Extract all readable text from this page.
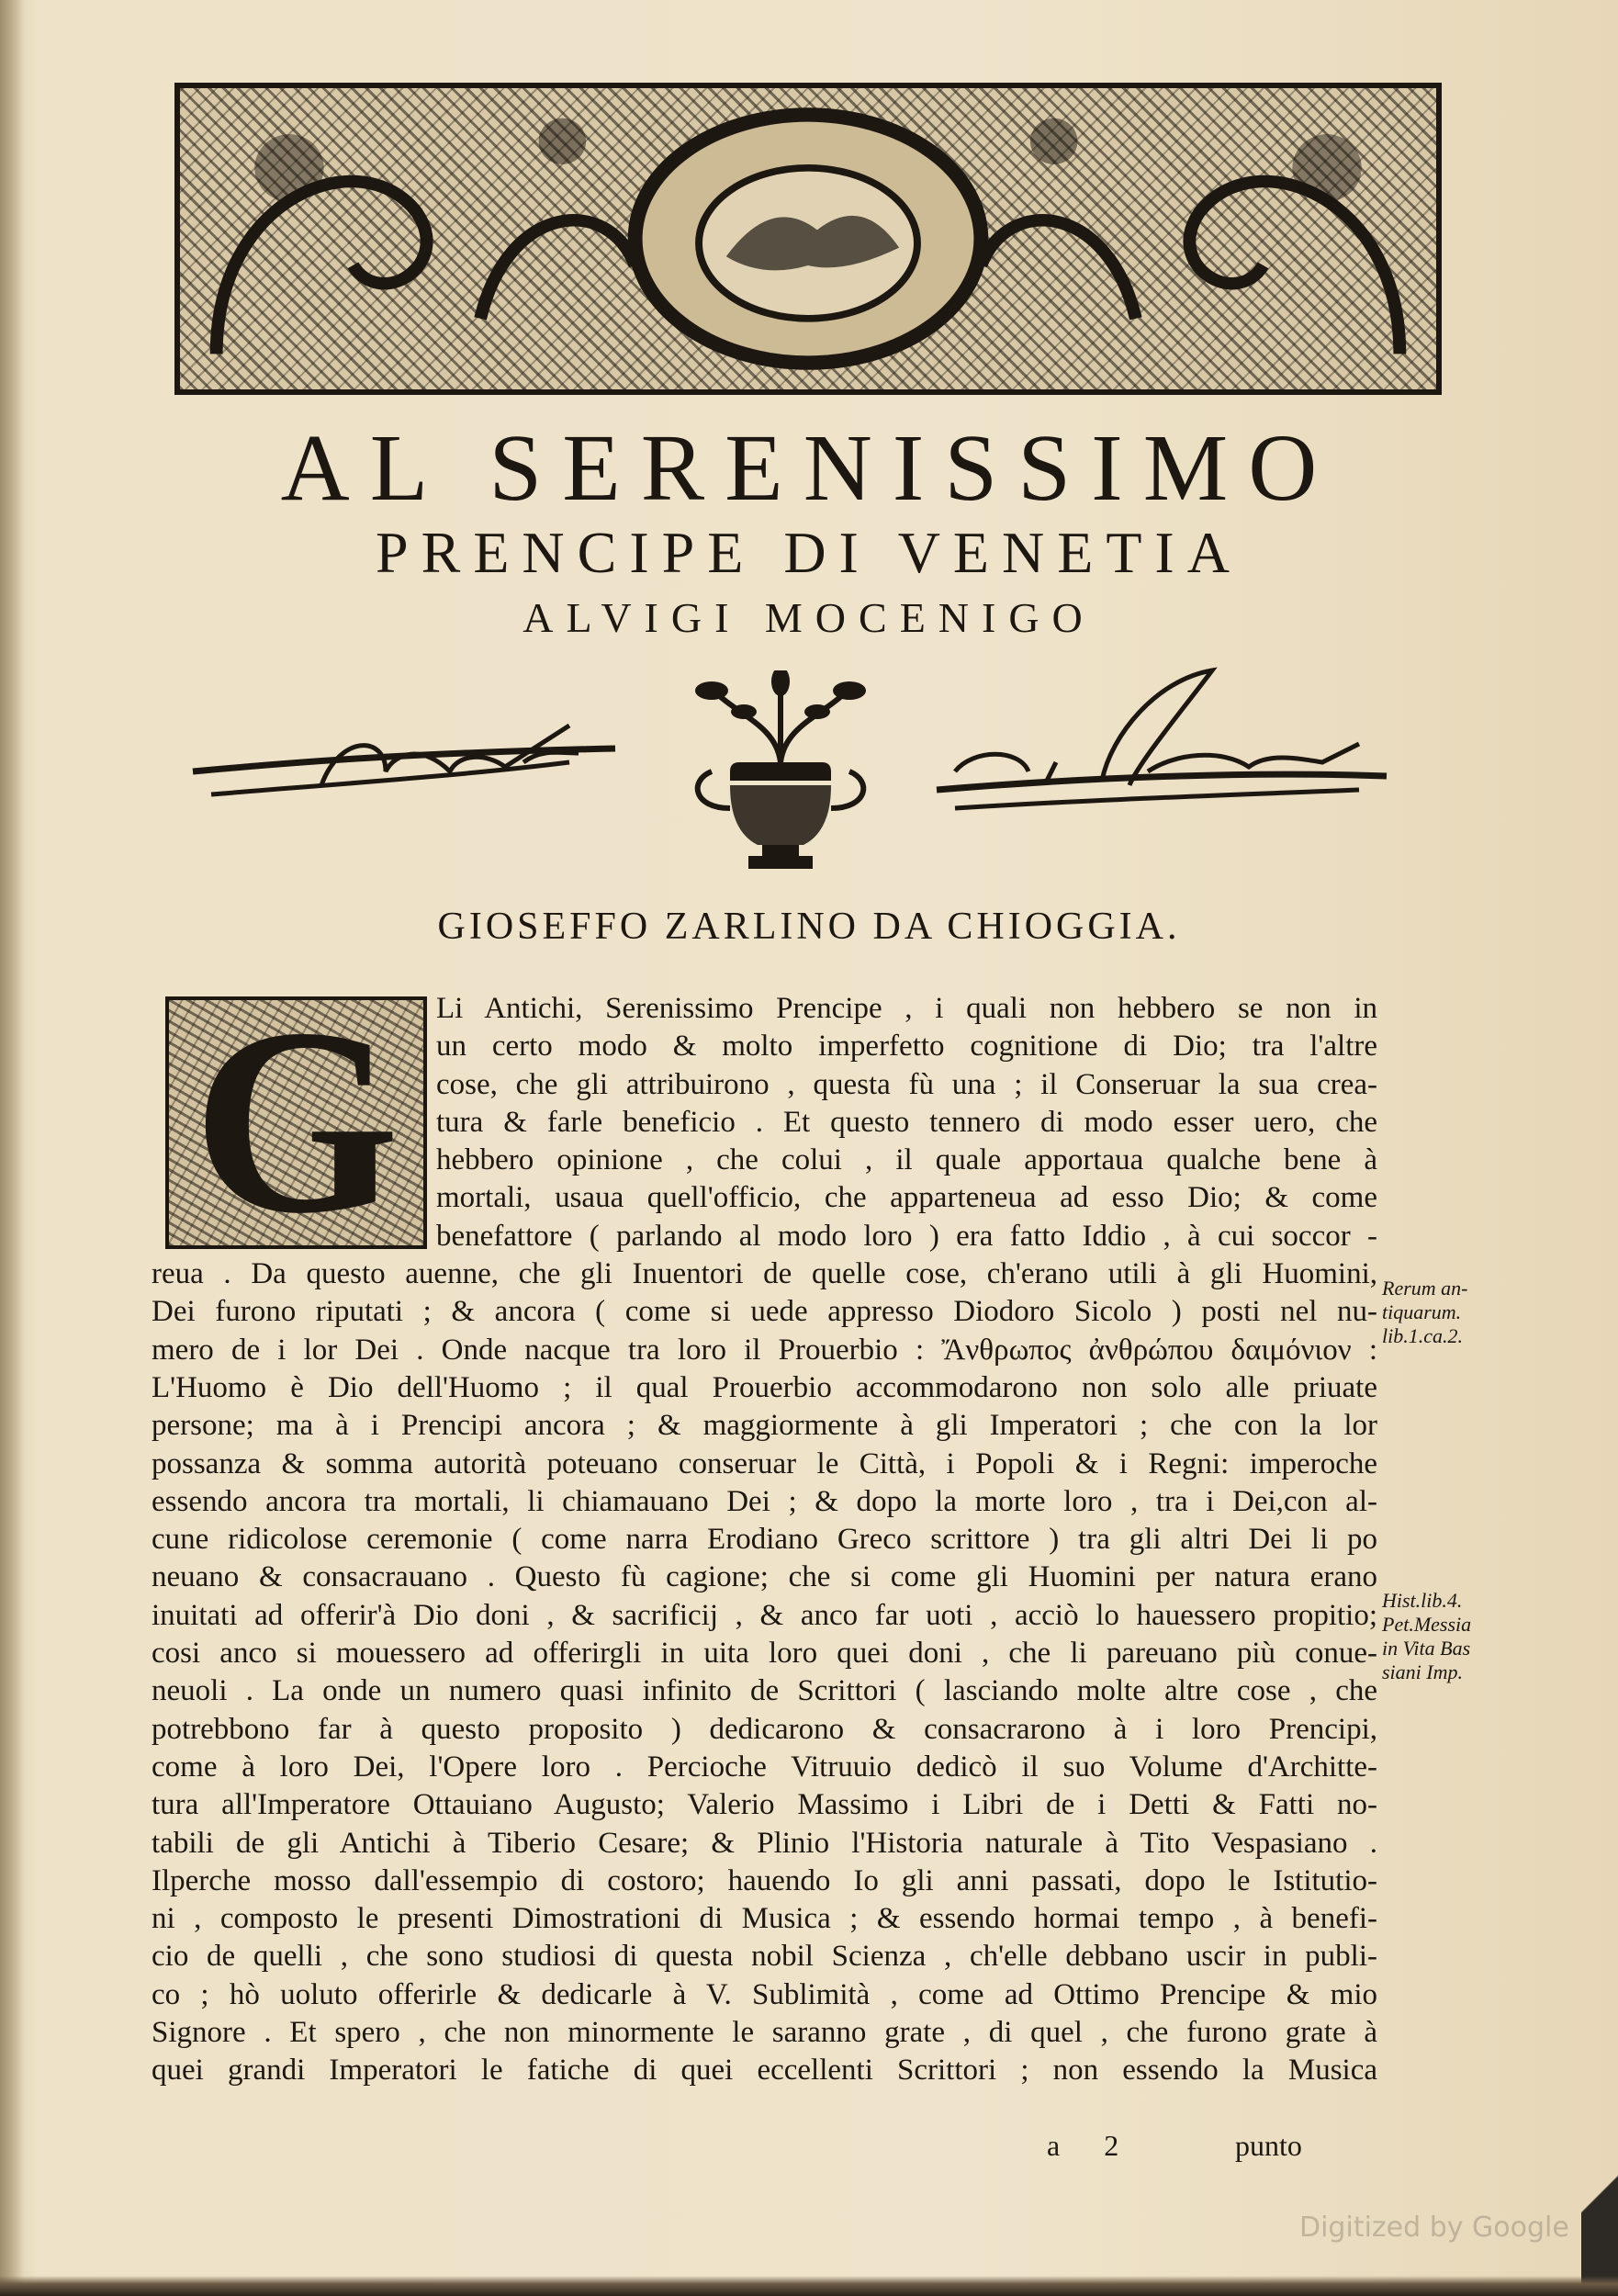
AL SERENISSIMO
PRENCIPE DI VENETIA
ALVIGI MOCENIGO
GIOSEFFO ZARLINO DA CHIOGGIA.
G	Li Antichi, Serenissimo Prencipe , i quali non hebbero se non in
un certo modo & molto imperfetto cognitione di Dio; tra l'altre
cose, che gli attribuirono , questa fù una ; il Conseruar la sua crea-
tura & farle beneficio . Et questo tennero di modo esser uero, che
hebbero opinione , che colui , il quale apportaua qualche bene à
mortali, usaua quell'officio, che apparteneua ad esso Dio; & come
benefattore ( parlando al modo loro ) era fatto Iddio , à cui soccor -
reua . Da questo auenne, che gli Inuentori de quelle cose, ch'erano utili à gli Huomini,
Dei furono riputati ; & ancora ( come si uede appresso Diodoro Sicolo ) posti nel nu-
mero de i lor Dei . Onde nacque tra loro il Prouerbio : Ἄνθρωπος ἀνθρώπου δαιμόνιον :
L'Huomo è Dio dell'Huomo ; il qual Prouerbio accommodarono non solo alle priuate
persone; ma à i Prencipi ancora ; & maggiormente à gli Imperatori ; che con la lor
possanza & somma autorità poteuano conseruar le Città, i Popoli & i Regni: imperoche
essendo ancora tra mortali, li chiamauano Dei ; & dopo la morte loro , tra i Dei,con al-
cune ridicolose ceremonie ( come narra Erodiano Greco scrittore ) tra gli altri Dei li po
neuano & consacrauano . Questo fù cagione; che si come gli Huomini per natura erano
inuitati ad offerir'à Dio doni , & sacrificij , & anco far uoti , acciò lo hauessero propitio;
cosi anco si mouessero ad offerirgli in uita loro quei doni , che li pareuano più conue-
neuoli . La onde un numero quasi infinito de Scrittori ( lasciando molte altre cose , che
potrebbono far à questo proposito ) dedicarono & consacrarono à i loro Prencipi,
come à loro Dei, l'Opere loro . Percioche Vitruuio dedicò il suo Volume d'Architte-
tura all'Imperatore Ottauiano Augusto; Valerio Massimo i Libri de i Detti & Fatti no-
tabili de gli Antichi à Tiberio Cesare; & Plinio l'Historia naturale à Tito Vespasiano .
Ilperche mosso dall'essempio di costoro; hauendo Io gli anni passati, dopo le Istitutio-
ni , composto le presenti Dimostrationi di Musica ; & essendo hormai tempo , à benefi-
cio de quelli , che sono studiosi di questa nobil Scienza , ch'elle debbano uscir in publi-
co ; hò uoluto offerirle & dedicarle à V. Sublimità , come ad Ottimo Prencipe & mio
Signore . Et spero , che non minormente le saranno grate , di quel , che furono grate à
quei grandi Imperatori le fatiche di quei eccellenti Scrittori ; non essendo la Musica
Rerum an-
tiquarum.
lib.1.ca.2.
Hist.lib.4.
Pet.Messia
in Vita Bas
siani Imp.
a 2	punto
Digitized by Google
